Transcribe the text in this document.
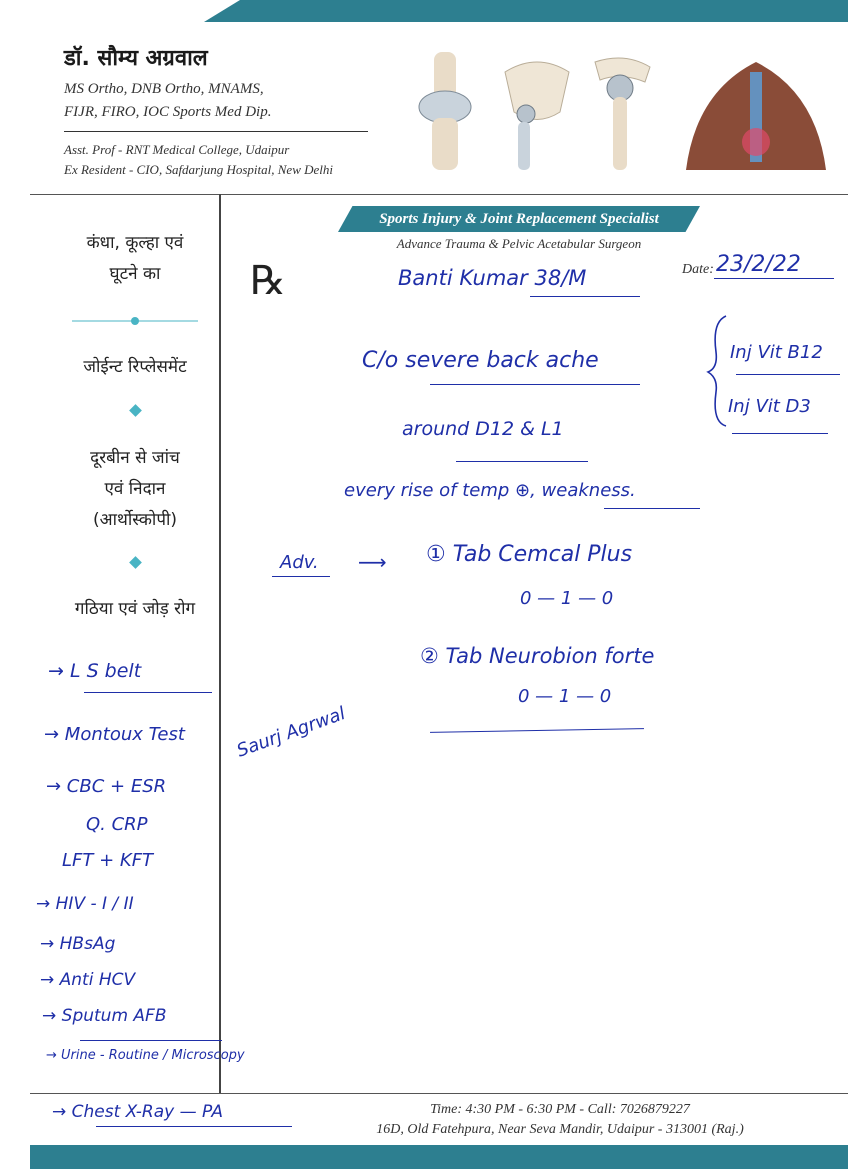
डॉ. सौम्य अग्रवाल
MS Ortho, DNB Ortho, MNAMS,
FIJR, FIRO, IOC Sports Med Dip.
Asst. Prof - RNT Medical College, Udaipur
Ex Resident - CIO, Safdarjung Hospital, New Delhi
कंधा, कूल्हा एवं
घूटने का
जोईन्ट रिप्लेसमेंट
दूरबीन से जांच
एवं निदान
(आर्थोस्कोपी)
गठिया एवं जोड़ रोग
Sports Injury & Joint Replacement Specialist
Advance Trauma & Pelvic Acetabular Surgeon
℞	Date: 23/2/22
Banti Kumar 38/M
C/o severe back ache
around D12 & L1
every rise of temp ⊕, weakness.
Inj Vit B12
Inj Vit D3
Adv. ⟶ ① Tab Cemcal Plus
0 — 1 — 0
② Tab Neurobion forte
0 — 1 — 0
Saurj Agrwal
→ L S belt
→ Montoux Test
→ CBC + ESR
Q. CRP
LFT + KFT
→ HIV - I / II
→ HBsAg
→ Anti HCV
→ Sputum AFB
→ Urine - Routine / Microscopy
→ Chest X-Ray — PA	Time: 4:30 PM - 6:30 PM - Call: 7026879227
16D, Old Fatehpura, Near Seva Mandir, Udaipur - 313001 (Raj.)
